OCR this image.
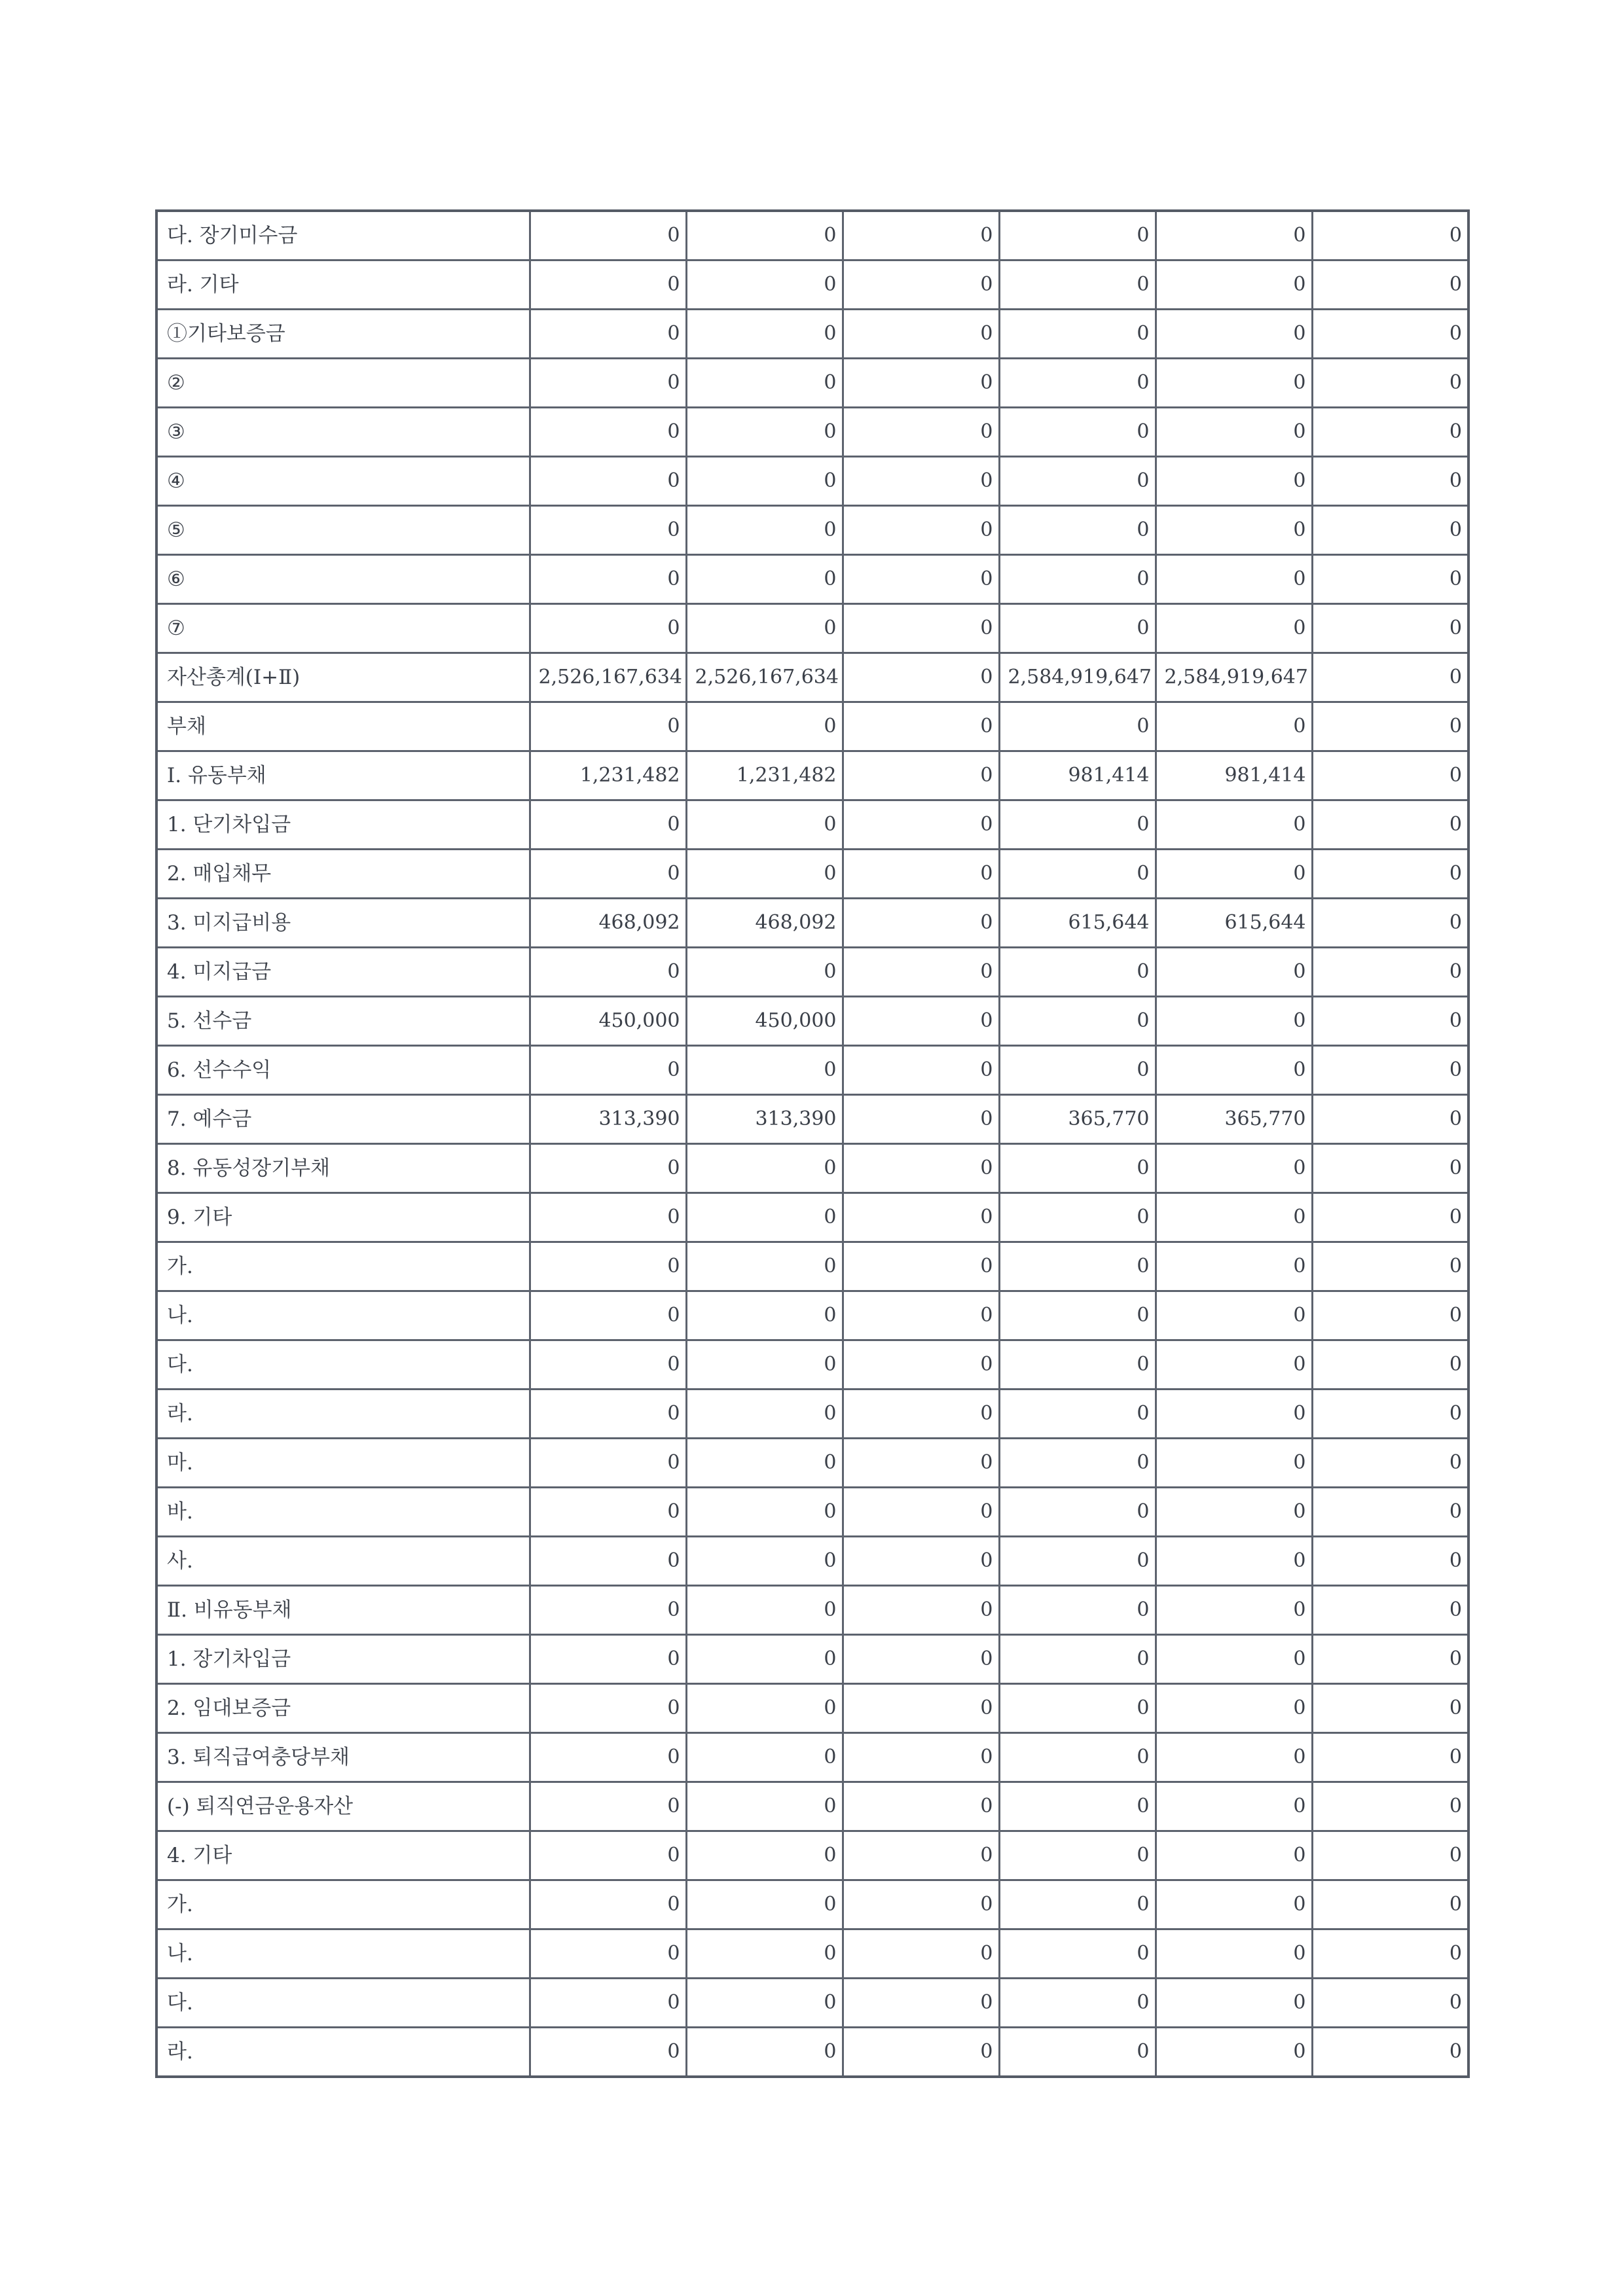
다. 장기미수금	0	0	0	0	0	0
라. 기타	0	0	0	0	0	0
①기타보증금	0	0	0	0	0	0
②	0	0	0	0	0	0
③	0	0	0	0	0	0
④	0	0	0	0	0	0
⑤	0	0	0	0	0	0
⑥	0	0	0	0	0	0
⑦	0	0	0	0	0	0
자산총계(Ⅰ+Ⅱ)	2,526,167,634	2,526,167,634	0	2,584,919,647	2,584,919,647	0
부채	0	0	0	0	0	0
Ⅰ. 유동부채	1,231,482	1,231,482	0	981,414	981,414	0
1. 단기차입금	0	0	0	0	0	0
2. 매입채무	0	0	0	0	0	0
3. 미지급비용	468,092	468,092	0	615,644	615,644	0
4. 미지급금	0	0	0	0	0	0
5. 선수금	450,000	450,000	0	0	0	0
6. 선수수익	0	0	0	0	0	0
7. 예수금	313,390	313,390	0	365,770	365,770	0
8. 유동성장기부채	0	0	0	0	0	0
9. 기타	0	0	0	0	0	0
가.	0	0	0	0	0	0
나.	0	0	0	0	0	0
다.	0	0	0	0	0	0
라.	0	0	0	0	0	0
마.	0	0	0	0	0	0
바.	0	0	0	0	0	0
사.	0	0	0	0	0	0
Ⅱ. 비유동부채	0	0	0	0	0	0
1. 장기차입금	0	0	0	0	0	0
2. 임대보증금	0	0	0	0	0	0
3. 퇴직급여충당부채	0	0	0	0	0	0
(-) 퇴직연금운용자산	0	0	0	0	0	0
4. 기타	0	0	0	0	0	0
가.	0	0	0	0	0	0
나.	0	0	0	0	0	0
다.	0	0	0	0	0	0
라.	0	0	0	0	0	0
